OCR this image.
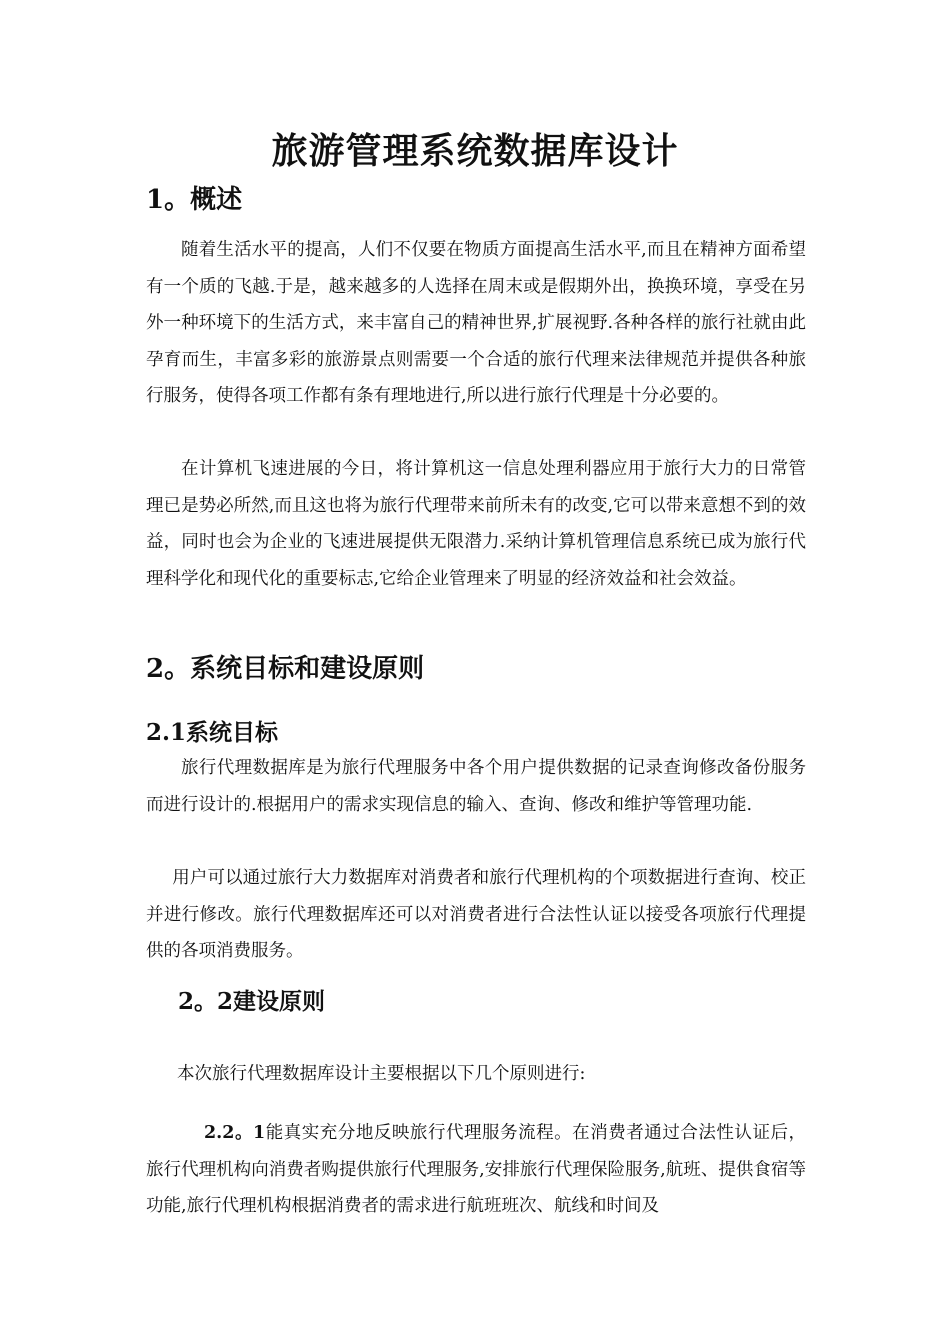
旅游管理系统数据库设计
1。概述
随着生活水平的提高，人们不仅要在物质方面提高生活水平,而且在精神方面希望有一个质的飞越.于是，越来越多的人选择在周末或是假期外出，换换环境，享受在另外一种环境下的生活方式，来丰富自己的精神世界,扩展视野.各种各样的旅行社就由此孕育而生，丰富多彩的旅游景点则需要一个合适的旅行代理来法律规范并提供各种旅行服务，使得各项工作都有条有理地进行,所以进行旅行代理是十分必要的。
在计算机飞速进展的今日，将计算机这一信息处理利器应用于旅行大力的日常管理已是势必所然,而且这也将为旅行代理带来前所未有的改变,它可以带来意想不到的效益，同时也会为企业的飞速进展提供无限潜力.采纳计算机管理信息系统已成为旅行代理科学化和现代化的重要标志,它给企业管理来了明显的经济效益和社会效益。
2。系统目标和建设原则
2.1系统目标
旅行代理数据库是为旅行代理服务中各个用户提供数据的记录查询修改备份服务而进行设计的.根据用户的需求实现信息的输入、查询、修改和维护等管理功能.
用户可以通过旅行大力数据库对消费者和旅行代理机构的个项数据进行查询、校正并进行修改。旅行代理数据库还可以对消费者进行合法性认证以接受各项旅行代理提供的各项消费服务。
2。2建设原则
本次旅行代理数据库设计主要根据以下几个原则进行:
2.2。1能真实充分地反映旅行代理服务流程。在消费者通过合法性认证后，旅行代理机构向消费者购提供旅行代理服务,安排旅行代理保险服务,航班、提供食宿等功能,旅行代理机构根据消费者的需求进行航班班次、航线和时间及
